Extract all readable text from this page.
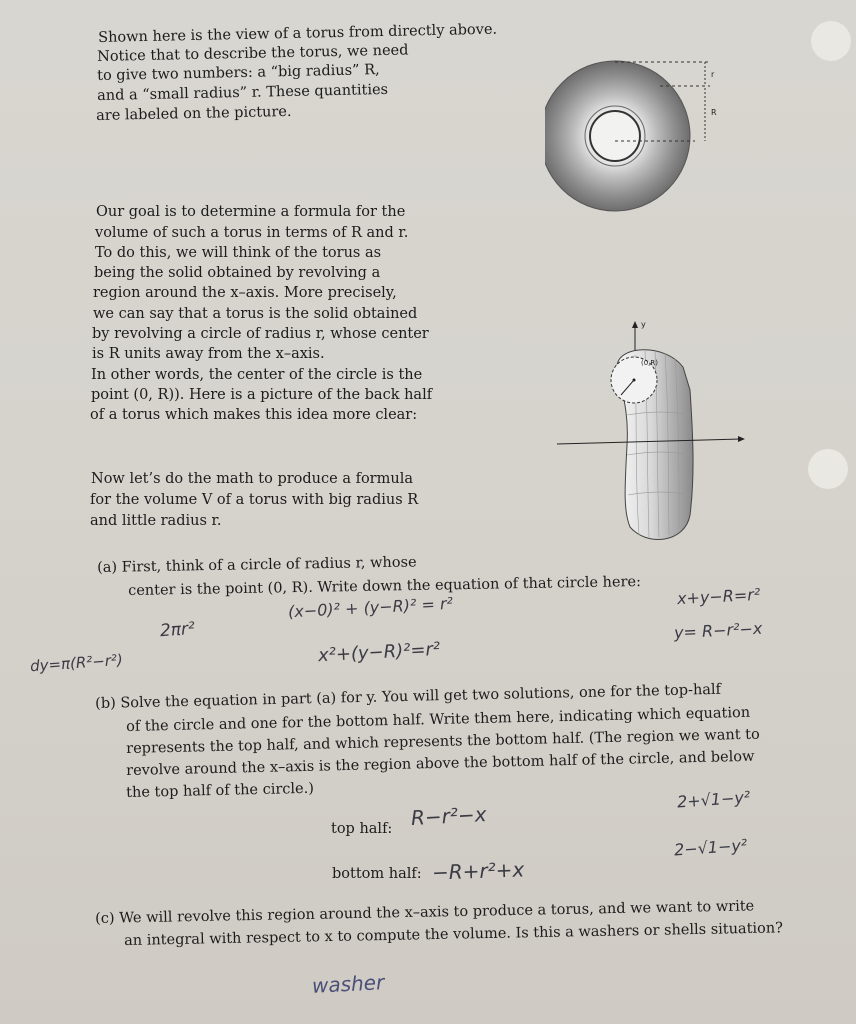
Shown here is the view of a torus from directly above.

Notice that to describe the torus, we need

to give two numbers: a “big radius” R,

and a “small radius” r. These quantities

are labeled on the picture.

r
R

Our goal is to determine a formula for the

volume of such a torus in terms of R and r.

To do this, we will think of the torus as

being the solid obtained by revolving a

region around the x–axis. More precisely,

we can say that a torus is the solid obtained

by revolving a circle of radius r, whose center

is R units away from the x–axis.

In other words, the center of the circle is the

point (0, R)). Here is a picture of the back half

of a torus which makes this idea more clear:

y
(0,R)

Now let’s do the math to produce a formula

for the volume V of a torus with big radius R

and little radius r.

(a) First, think of a circle of radius r, whose

center is the point (0, R). Write down the equation of that circle here:

2πr²
(x−0)² + (y−R)² = r²
x²+(y−R)²=r²
dy=π(R²−r²)
x+y−R=r²
y= R−r²−x

(b) Solve the equation in part (a) for y. You will get two solutions, one for the top-half

of the circle and one for the bottom half. Write them here, indicating which equation

represents the top half, and which represents the bottom half. (The region we want to

revolve around the x–axis is the region above the bottom half of the circle, and below

the top half of the circle.)

top half: R−r²−x
2+√1−y²
2−√1−y²
bottom half: −R+r²+x

(c) We will revolve this region around the x–axis to produce a torus, and we want to write

an integral with respect to x to compute the volume. Is this a washers or shells situation?

washer
